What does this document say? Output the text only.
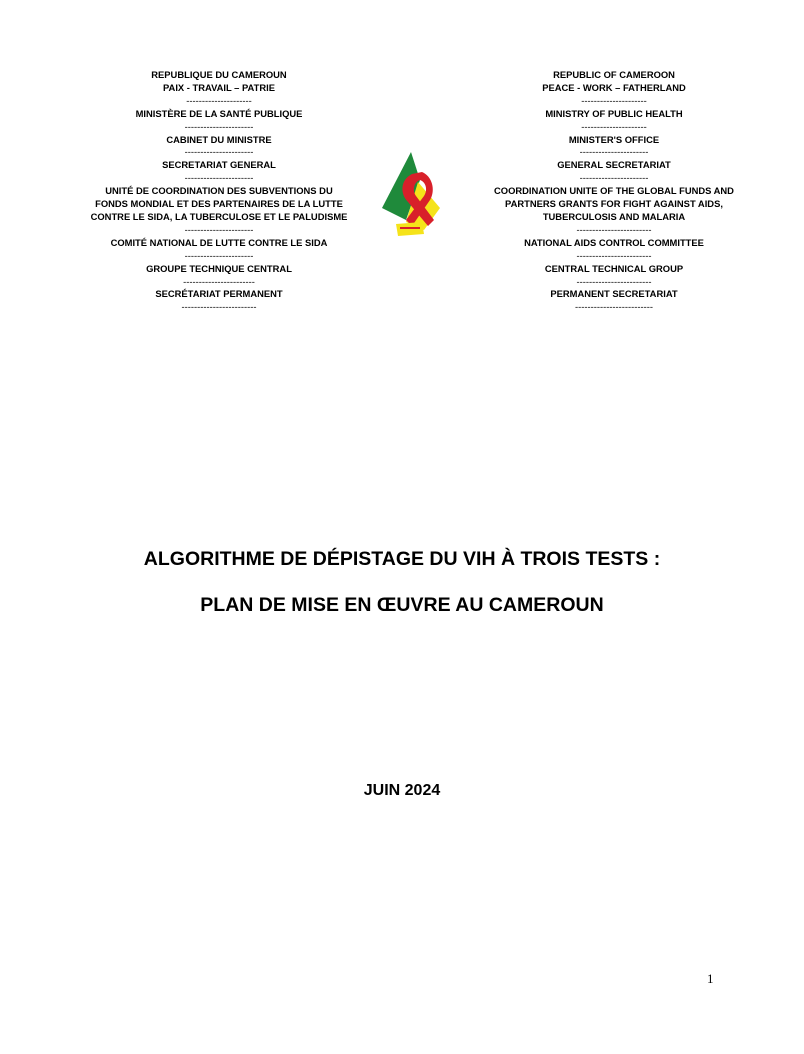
REPUBLIQUE DU CAMEROUN
PAIX - TRAVAIL – PATRIE
---------------------
MINISTÈRE DE LA SANTÉ PUBLIQUE
----------------------
CABINET DU MINISTRE
----------------------
SECRETARIAT GENERAL
----------------------
UNITÉ DE COORDINATION DES SUBVENTIONS DU FONDS MONDIAL ET DES PARTENAIRES DE LA LUTTE CONTRE LE SIDA, LA TUBERCULOSE ET LE PALUDISME
----------------------
COMITÉ NATIONAL DE LUTTE CONTRE LE SIDA
----------------------
GROUPE TECHNIQUE CENTRAL
-----------------------
SECRÉTARIAT PERMANENT
------------------------
REPUBLIC OF CAMEROON
PEACE - WORK – FATHERLAND
---------------------
MINISTRY OF PUBLIC HEALTH
---------------------
MINISTER'S OFFICE
----------------------
GENERAL SECRETARIAT
----------------------
COORDINATION UNITE OF THE GLOBAL FUNDS AND PARTNERS GRANTS FOR FIGHT AGAINST AIDS, TUBERCULOSIS AND MALARIA
------------------------
NATIONAL AIDS CONTROL COMMITTEE
------------------------
CENTRAL TECHNICAL GROUP
------------------------
PERMANENT SECRETARIAT
-------------------------
ALGORITHME DE DÉPISTAGE DU VIH À TROIS TESTS :
PLAN DE MISE EN ŒUVRE AU CAMEROUN
JUIN 2024
1
